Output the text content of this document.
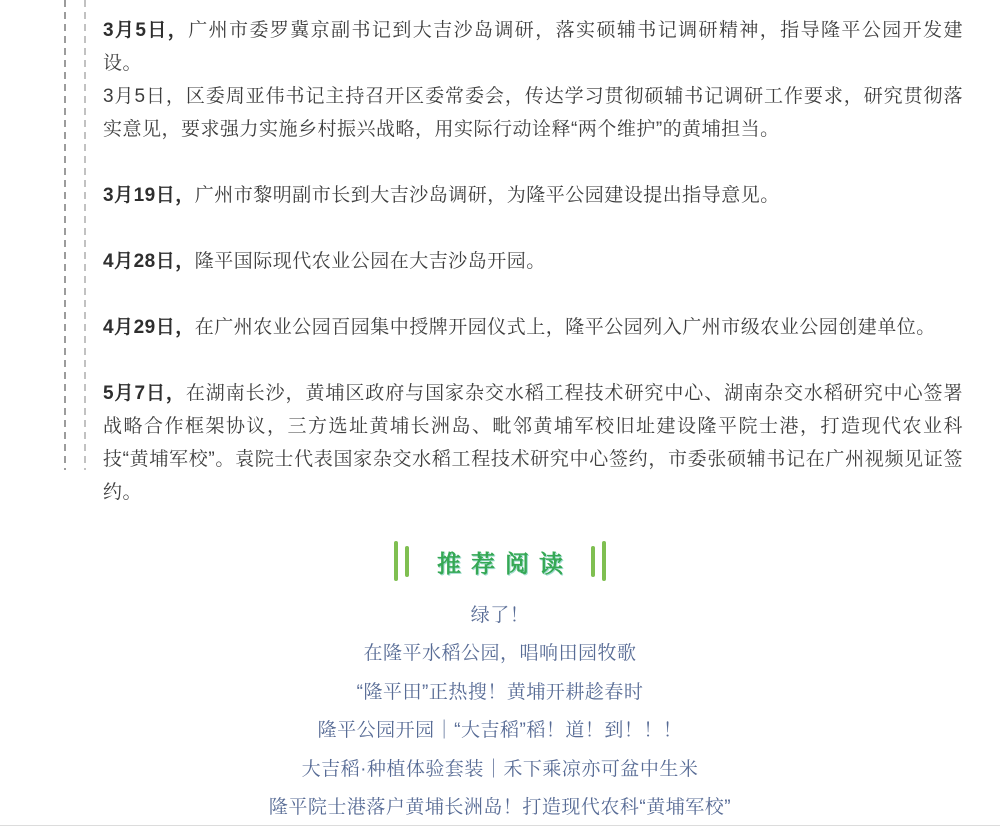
3月5日，广州市委罗冀京副书记到大吉沙岛调研，落实硕辅书记调研精神，指导隆平公园开发建设。

3月5日，区委周亚伟书记主持召开区委常委会，传达学习贯彻硕辅书记调研工作要求，研究贯彻落实意见，要求强力实施乡村振兴战略，用实际行动诠释“两个维护”的黄埔担当。

3月19日，广州市黎明副市长到大吉沙岛调研，为隆平公园建设提出指导意见。

4月28日，隆平国际现代农业公园在大吉沙岛开园。

4月29日，在广州农业公园百园集中授牌开园仪式上，隆平公园列入广州市级农业公园创建单位。

5月7日，在湖南长沙，黄埔区政府与国家杂交水稻工程技术研究中心、湖南杂交水稻研究中心签署战略合作框架协议，三方选址黄埔长洲岛、毗邻黄埔军校旧址建设隆平院士港，打造现代农业科技“黄埔军校”。袁院士代表国家杂交水稻工程技术研究中心签约，市委张硕辅书记在广州视频见证签约。

推荐阅读
绿了！
在隆平水稻公园，唱响田园牧歌
“隆平田”正热搜！黄埔开耕趁春时
隆平公园开园｜“大吉稻”稻！道！到！！！
大吉稻·种植体验套装｜禾下乘凉亦可盆中生米
隆平院士港落户黄埔长洲岛！打造现代农科“黄埔军校”
